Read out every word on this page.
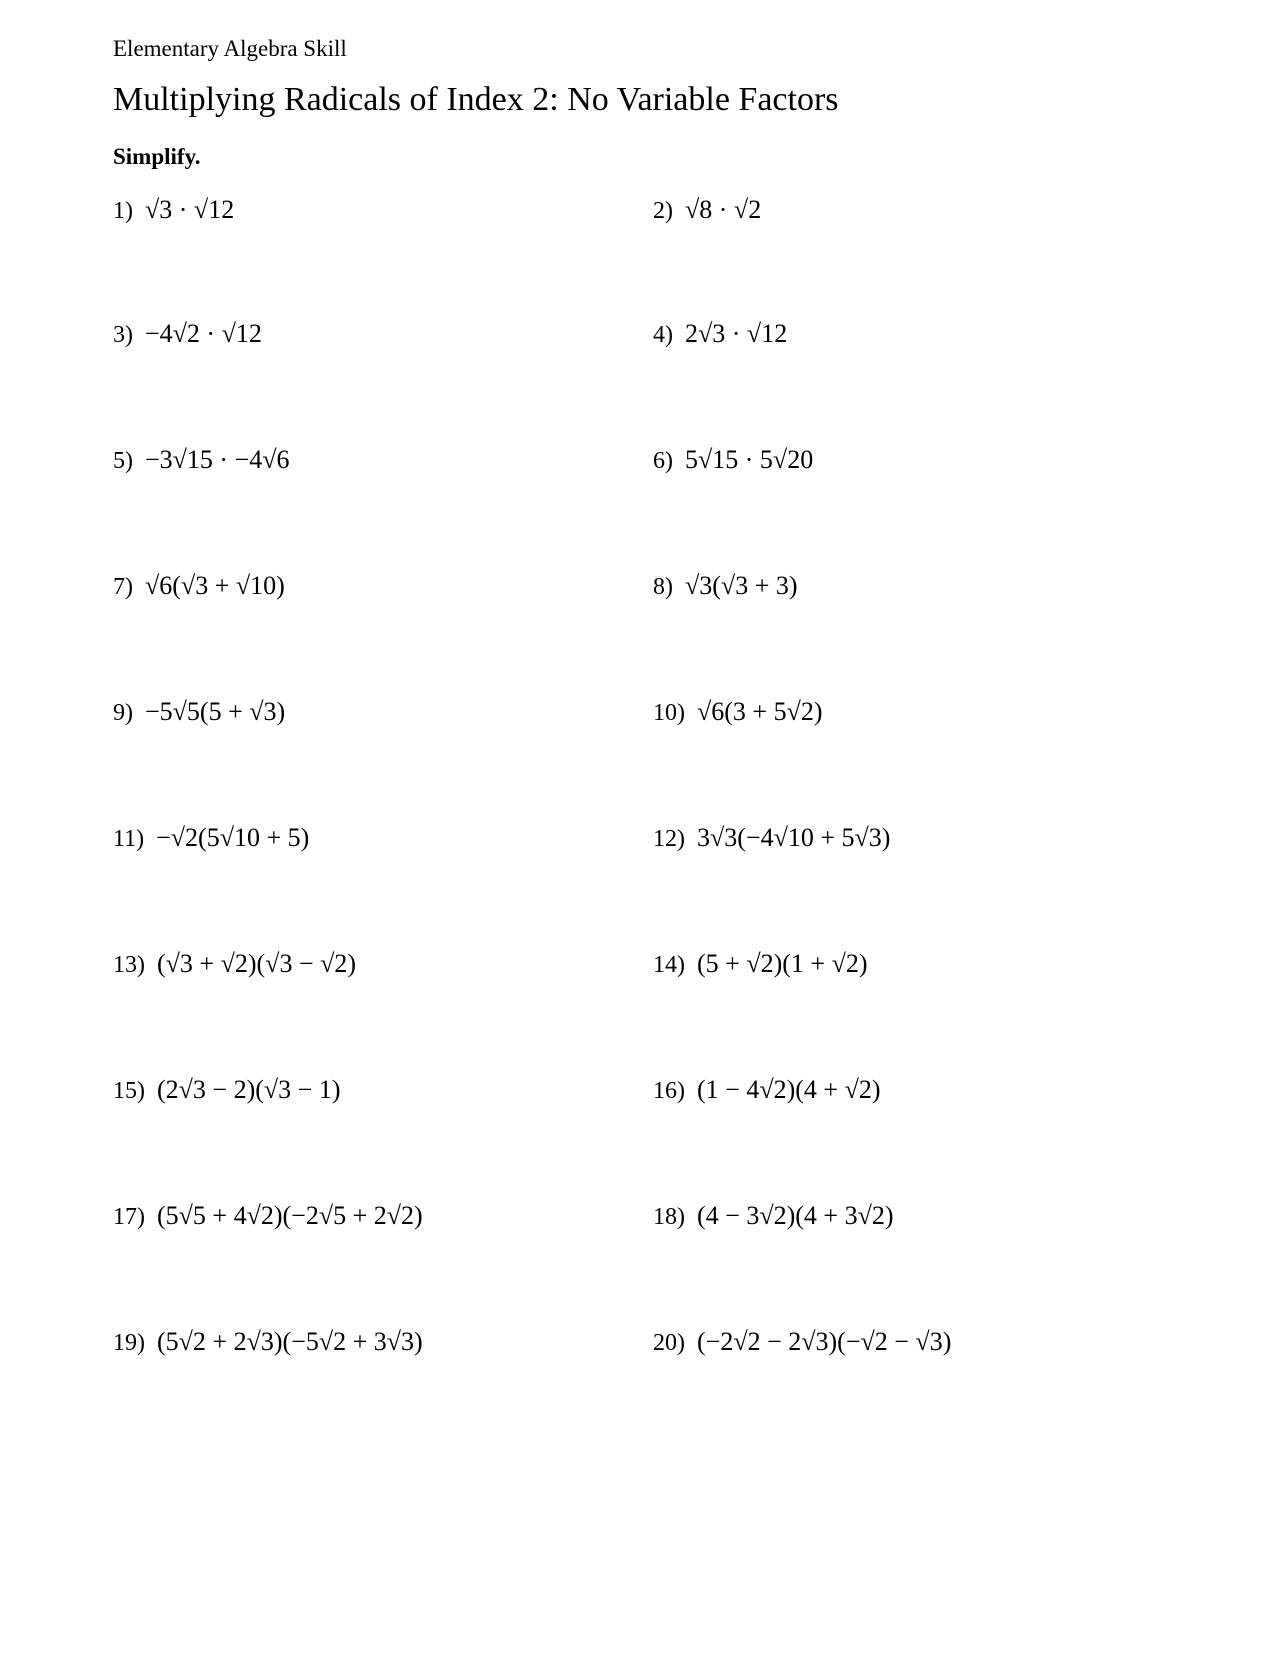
Elementary Algebra Skill
Multiplying Radicals of Index 2: No Variable Factors
Simplify.
1) √3 · √12	2) √8 · √2
3) −4√2 · √12	4) 2√3 · √12
5) −3√15 · −4√6	6) 5√15 · 5√20
7) √6(√3 + √10)	8) √3(√3 + 3)
9) −5√5(5 + √3)	10) √6(3 + 5√2)
11) −√2(5√10 + 5)	12) 3√3(−4√10 + 5√3)
13) (√3 + √2)(√3 − √2)	14) (5 + √2)(1 + √2)
15) (2√3 − 2)(√3 − 1)	16) (1 − 4√2)(4 + √2)
17) (5√5 + 4√2)(−2√5 + 2√2)	18) (4 − 3√2)(4 + 3√2)
19) (5√2 + 2√3)(−5√2 + 3√3)	20) (−2√2 − 2√3)(−√2 − √3)
